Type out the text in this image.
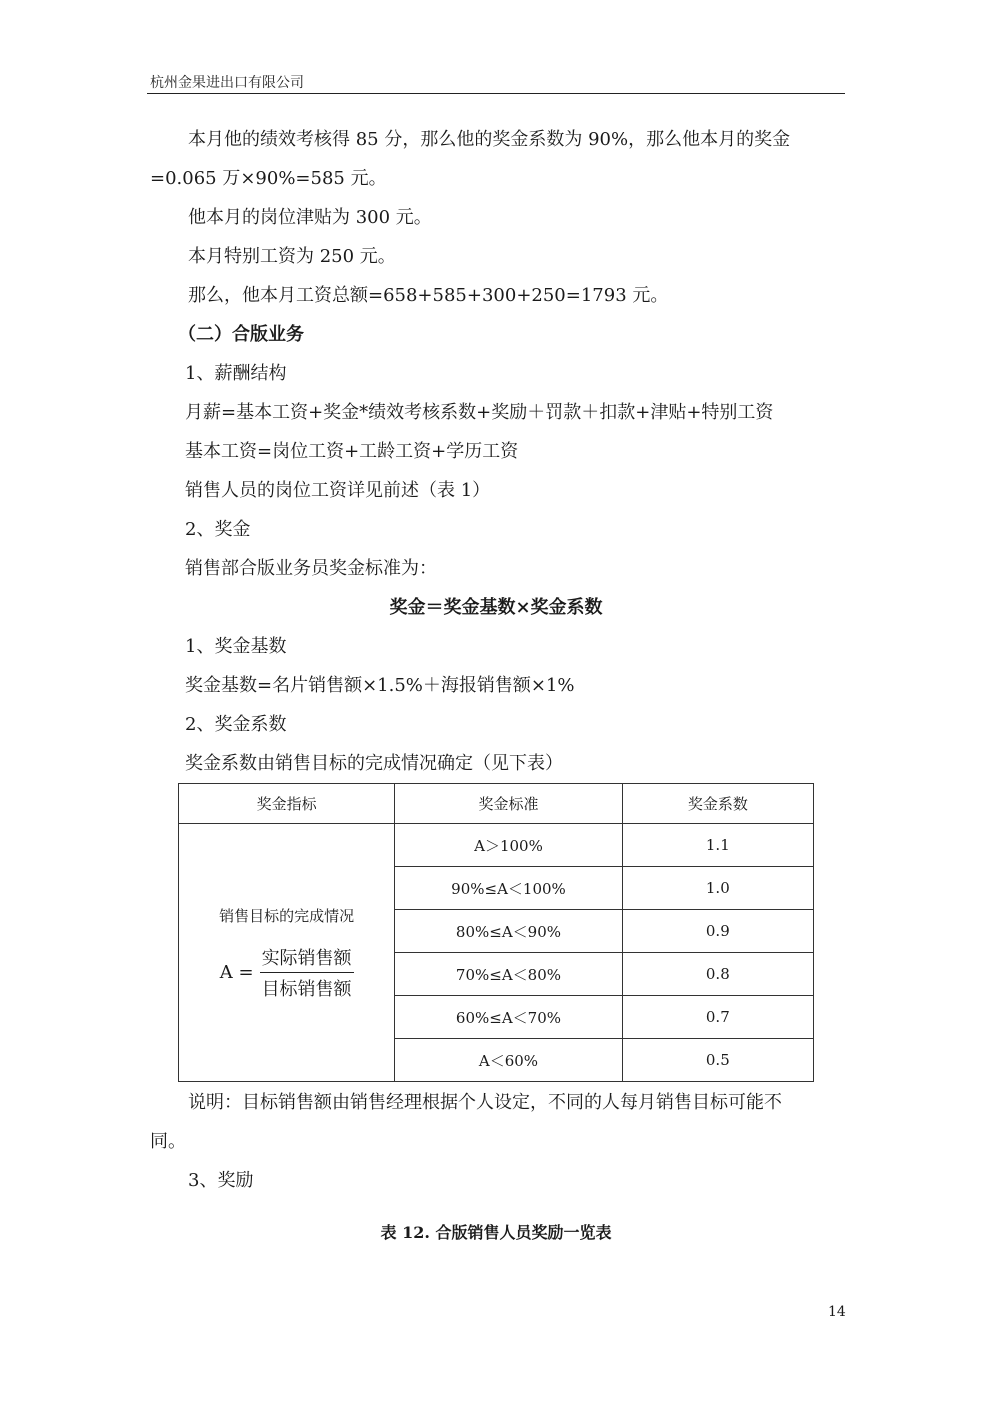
杭州金果进出口有限公司
本月他的绩效考核得 85 分，那么他的奖金系数为 90%，那么他本月的奖金
=0.065 万×90%=585 元。
他本月的岗位津贴为 300 元。
本月特别工资为 250 元。
那么，他本月工资总额=658+585+300+250=1793 元。
（二）合版业务
1、薪酬结构
月薪=基本工资+奖金*绩效考核系数+奖励＋罚款＋扣款+津贴+特别工资
基本工资=岗位工资+工龄工资+学历工资
销售人员的岗位工资详见前述（表 1）
2、奖金
销售部合版业务员奖金标准为：
奖金＝奖金基数×奖金系数
1、奖金基数
奖金基数=名片销售额×1.5%＋海报销售额×1%
2、奖金系数
奖金系数由销售目标的完成情况确定（见下表）
奖金指标	奖金标准	奖金系数

销售目标的完成情况
$A = \frac{\text{实际销售额}}{\text{目标销售额}}$	A＞100%	1.1
	90%≤A＜100%	1.0
	80%≤A＜90%	0.9
	70%≤A＜80%	0.8
	60%≤A＜70%	0.7
	A＜60%	0.5
说明：目标销售额由销售经理根据个人设定，不同的人每月销售目标可能不
同。
3、奖励
表 12. 合版销售人员奖励一览表
14
